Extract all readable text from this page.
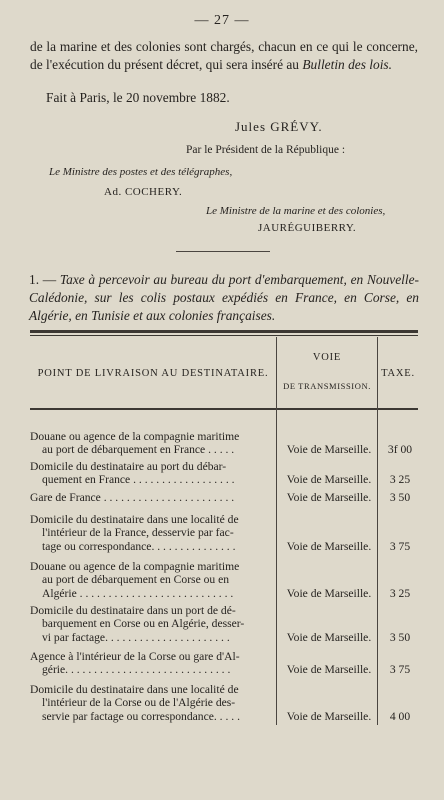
— 27 —
de la marine et des colonies sont chargés, chacun en ce qui le concerne, de l'exécution du présent décret, qui sera inséré au Bulletin des lois.
Fait à Paris, le 20 novembre 1882.
Jules GRÉVY.
Par le Président de la République :
Le Ministre des postes et des télégraphes,
Ad. COCHERY.
Le Ministre de la marine et des colonies,
JAURÉGUIBERRY.
1. — Taxe à percevoir au bureau du port d'embarquement, en Nouvelle-Calédonie, sur les colis postaux expédiés en France, en Corse, en Algérie, en Tunisie et aux colonies françaises.
POINT DE LIVRAISON AU DESTINATAIRE.
VOIE
DE TRANSMISSION.
TAXE.
Douane ou agence de la compagnie maritime
au port de débarquement en France . . . . .	Voie de Marseille.	3f 00
Domicile du destinataire au port du débar-
quement en France . . . . . . . . . . . . . . . . . .	Voie de Marseille.	3 25
Gare de France . . . . . . . . . . . . . . . . . . . . . . .	Voie de Marseille.	3 50
Domicile du destinataire dans une localité de
l'intérieur de la France, desservie par fac-
tage ou correspondance. . . . . . . . . . . . . . .	Voie de Marseille.	3 75
Douane ou agence de la compagnie maritime
au port de débarquement en Corse ou en
Algérie . . . . . . . . . . . . . . . . . . . . . . . . . . .	Voie de Marseille.	3 25
Domicile du destinataire dans un port de dé-
barquement en Corse ou en Algérie, desser-
vi par factage. . . . . . . . . . . . . . . . . . . . . .	Voie de Marseille.	3 50
Agence à l'intérieur de la Corse ou gare d'Al-
gérie. . . . . . . . . . . . . . . . . . . . . . . . . . . . .	Voie de Marseille.	3 75
Domicile du destinataire dans une localité de
l'intérieur de la Corse ou de l'Algérie des-
servie par factage ou correspondance. . . . .	Voie de Marseille.	4 00
